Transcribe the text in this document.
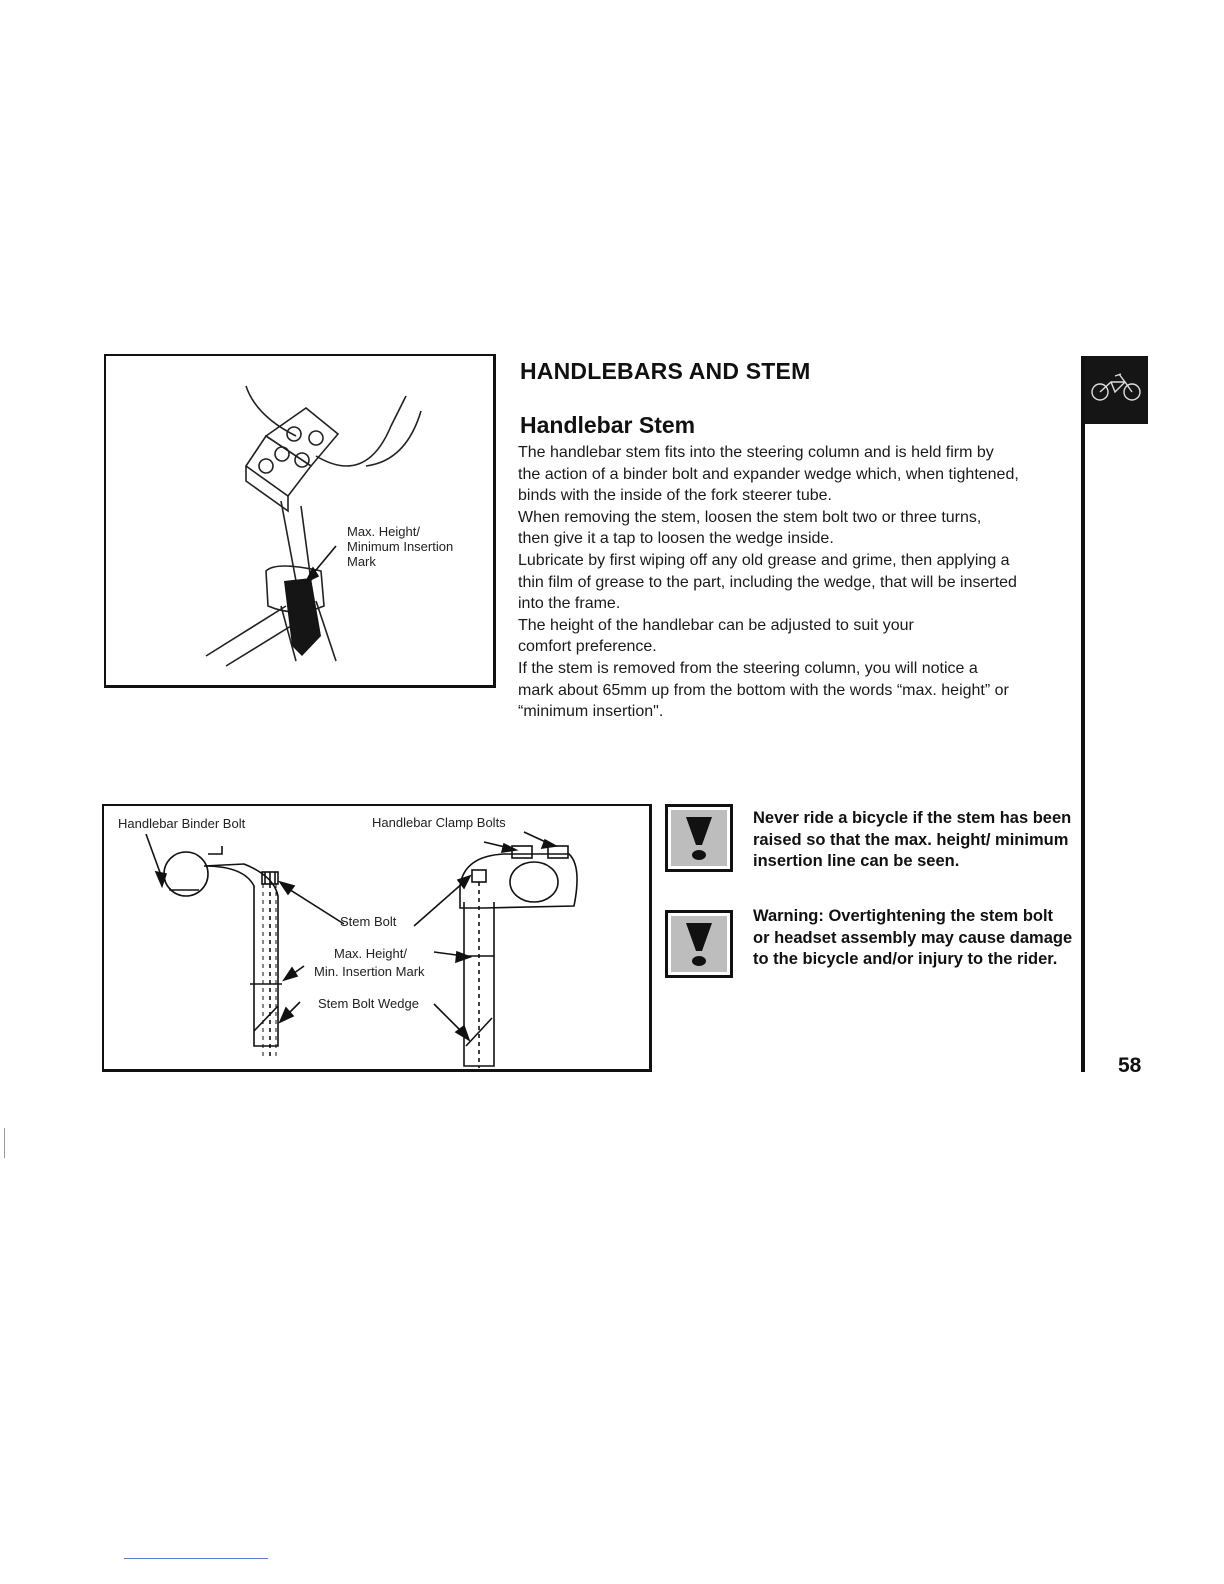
Max. Height/
Minimum Insertion
Mark
HANDLEBARS AND STEM
Handlebar Stem

The handlebar stem fits into the steering column and is held firm by
the action of a binder bolt and expander wedge which, when tightened,
binds with the inside of the fork steerer tube.

When removing the stem, loosen the stem bolt two or three turns,
then give it a tap to loosen the wedge inside.

Lubricate by first wiping off any old grease and grime, then applying a
thin film of grease to the part, including the wedge, that will be inserted
into the frame.

The height of the handlebar can be adjusted to suit your
comfort preference.

If the stem is removed from the steering column, you will notice a
mark about 65mm up from the bottom with the words “max. height” or
“minimum insertion".

58
Handlebar Binder Bolt	Handlebar Clamp Bolts
Stem Bolt
Max. Height/
Min. Insertion Mark
Stem Bolt Wedge
Never ride a bicycle if the stem has been raised so that the max. height/ minimum insertion line can be seen.
Warning: Overtightening the stem bolt or headset assembly may cause damage to the bicycle and/or injury to the rider.
